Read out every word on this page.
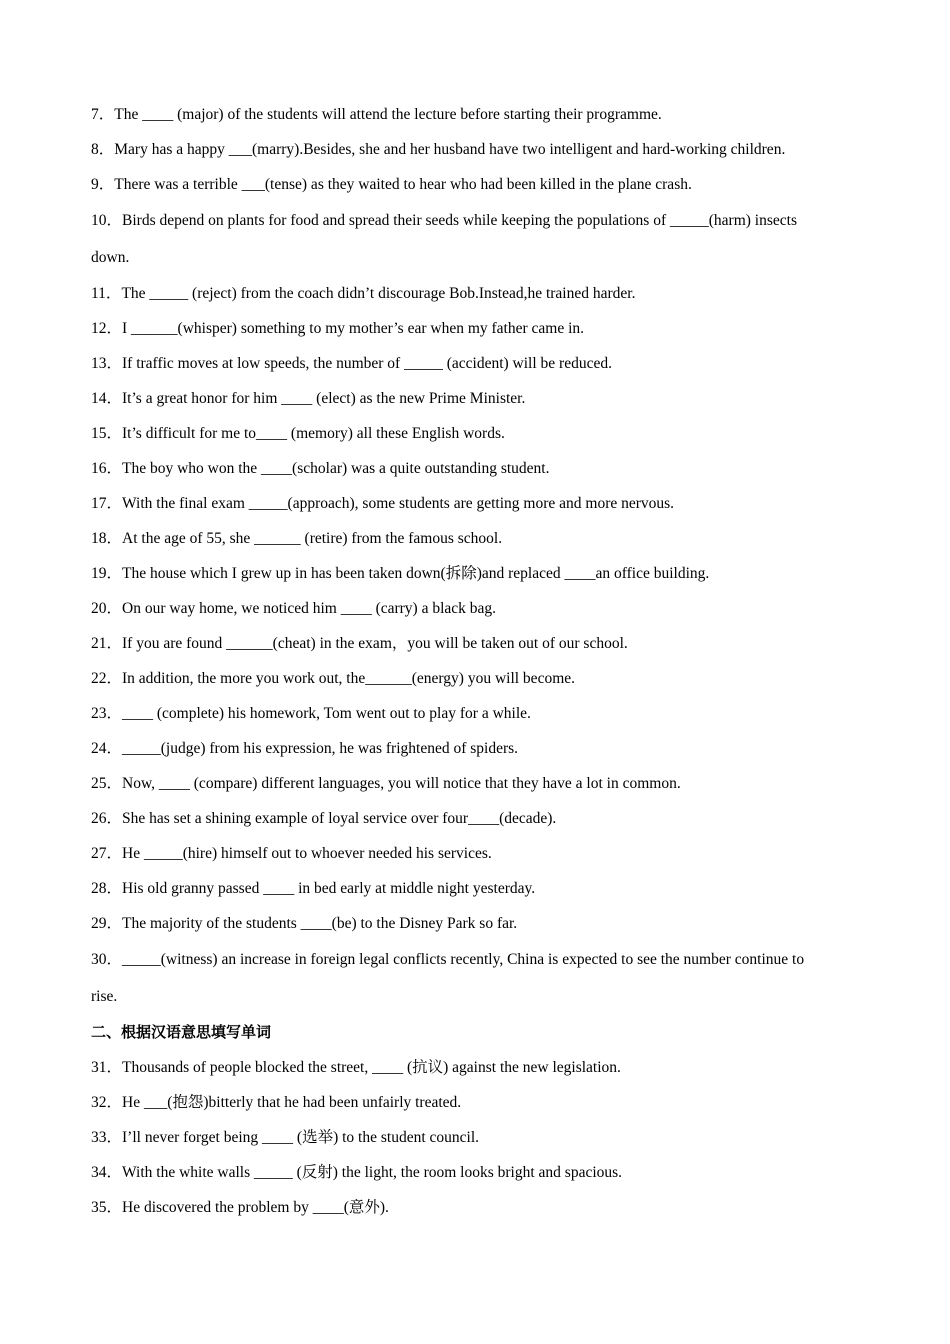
7．The ____ (major) of the students will attend the lecture before starting their programme.
8．Mary has a happy ___(marry).Besides, she and her husband have two intelligent and hard-working children.
9．There was a terrible ___(tense) as they waited to hear who had been killed in the plane crash.
10．Birds depend on plants for food and spread their seeds while keeping the populations of _____(harm) insects
down.
11．The _____ (reject) from the coach didn’t discourage Bob.Instead,he trained harder.
12．I ______(whisper) something to my mother’s ear when my father came in.
13．If traffic moves at low speeds, the number of _____ (accident) will be reduced.
14．It’s a great honor for him ____ (elect) as the new Prime Minister.
15．It’s difficult for me to____ (memory) all these English words.
16．The boy who won the ____(scholar) was a quite outstanding student.
17．With the final exam _____(approach), some students are getting more and more nervous.
18．At the age of 55, she ______ (retire) from the famous school.
19．The house which I grew up in has been taken down(拆除)and replaced ____an office building.
20．On our way home, we noticed him ____ (carry) a black bag.
21．If you are found ______(cheat) in the exam，you will be taken out of our school.
22．In addition, the more you work out, the______(energy) you will become.
23．____ (complete) his homework, Tom went out to play for a while.
24．_____(judge) from his expression, he was frightened of spiders.
25．Now, ____ (compare) different languages, you will notice that they have a lot in common.
26．She has set a shining example of loyal service over four____(decade).
27．He _____(hire) himself out to whoever needed his services.
28．His old granny passed ____ in bed early at middle night yesterday.
29．The majority of the students ____(be) to the Disney Park so far.
30．_____(witness) an increase in foreign legal conflicts recently, China is expected to see the number continue to
rise.
二、根据汉语意思填写单词
31．Thousands of people blocked the street, ____ (抗议) against the new legislation.
32．He ___(抱怨)bitterly that he had been unfairly treated.
33．I’ll never forget being ____ (选举) to the student council.
34．With the white walls _____ (反射) the light, the room looks bright and spacious.
35．He discovered the problem by ____(意外).
